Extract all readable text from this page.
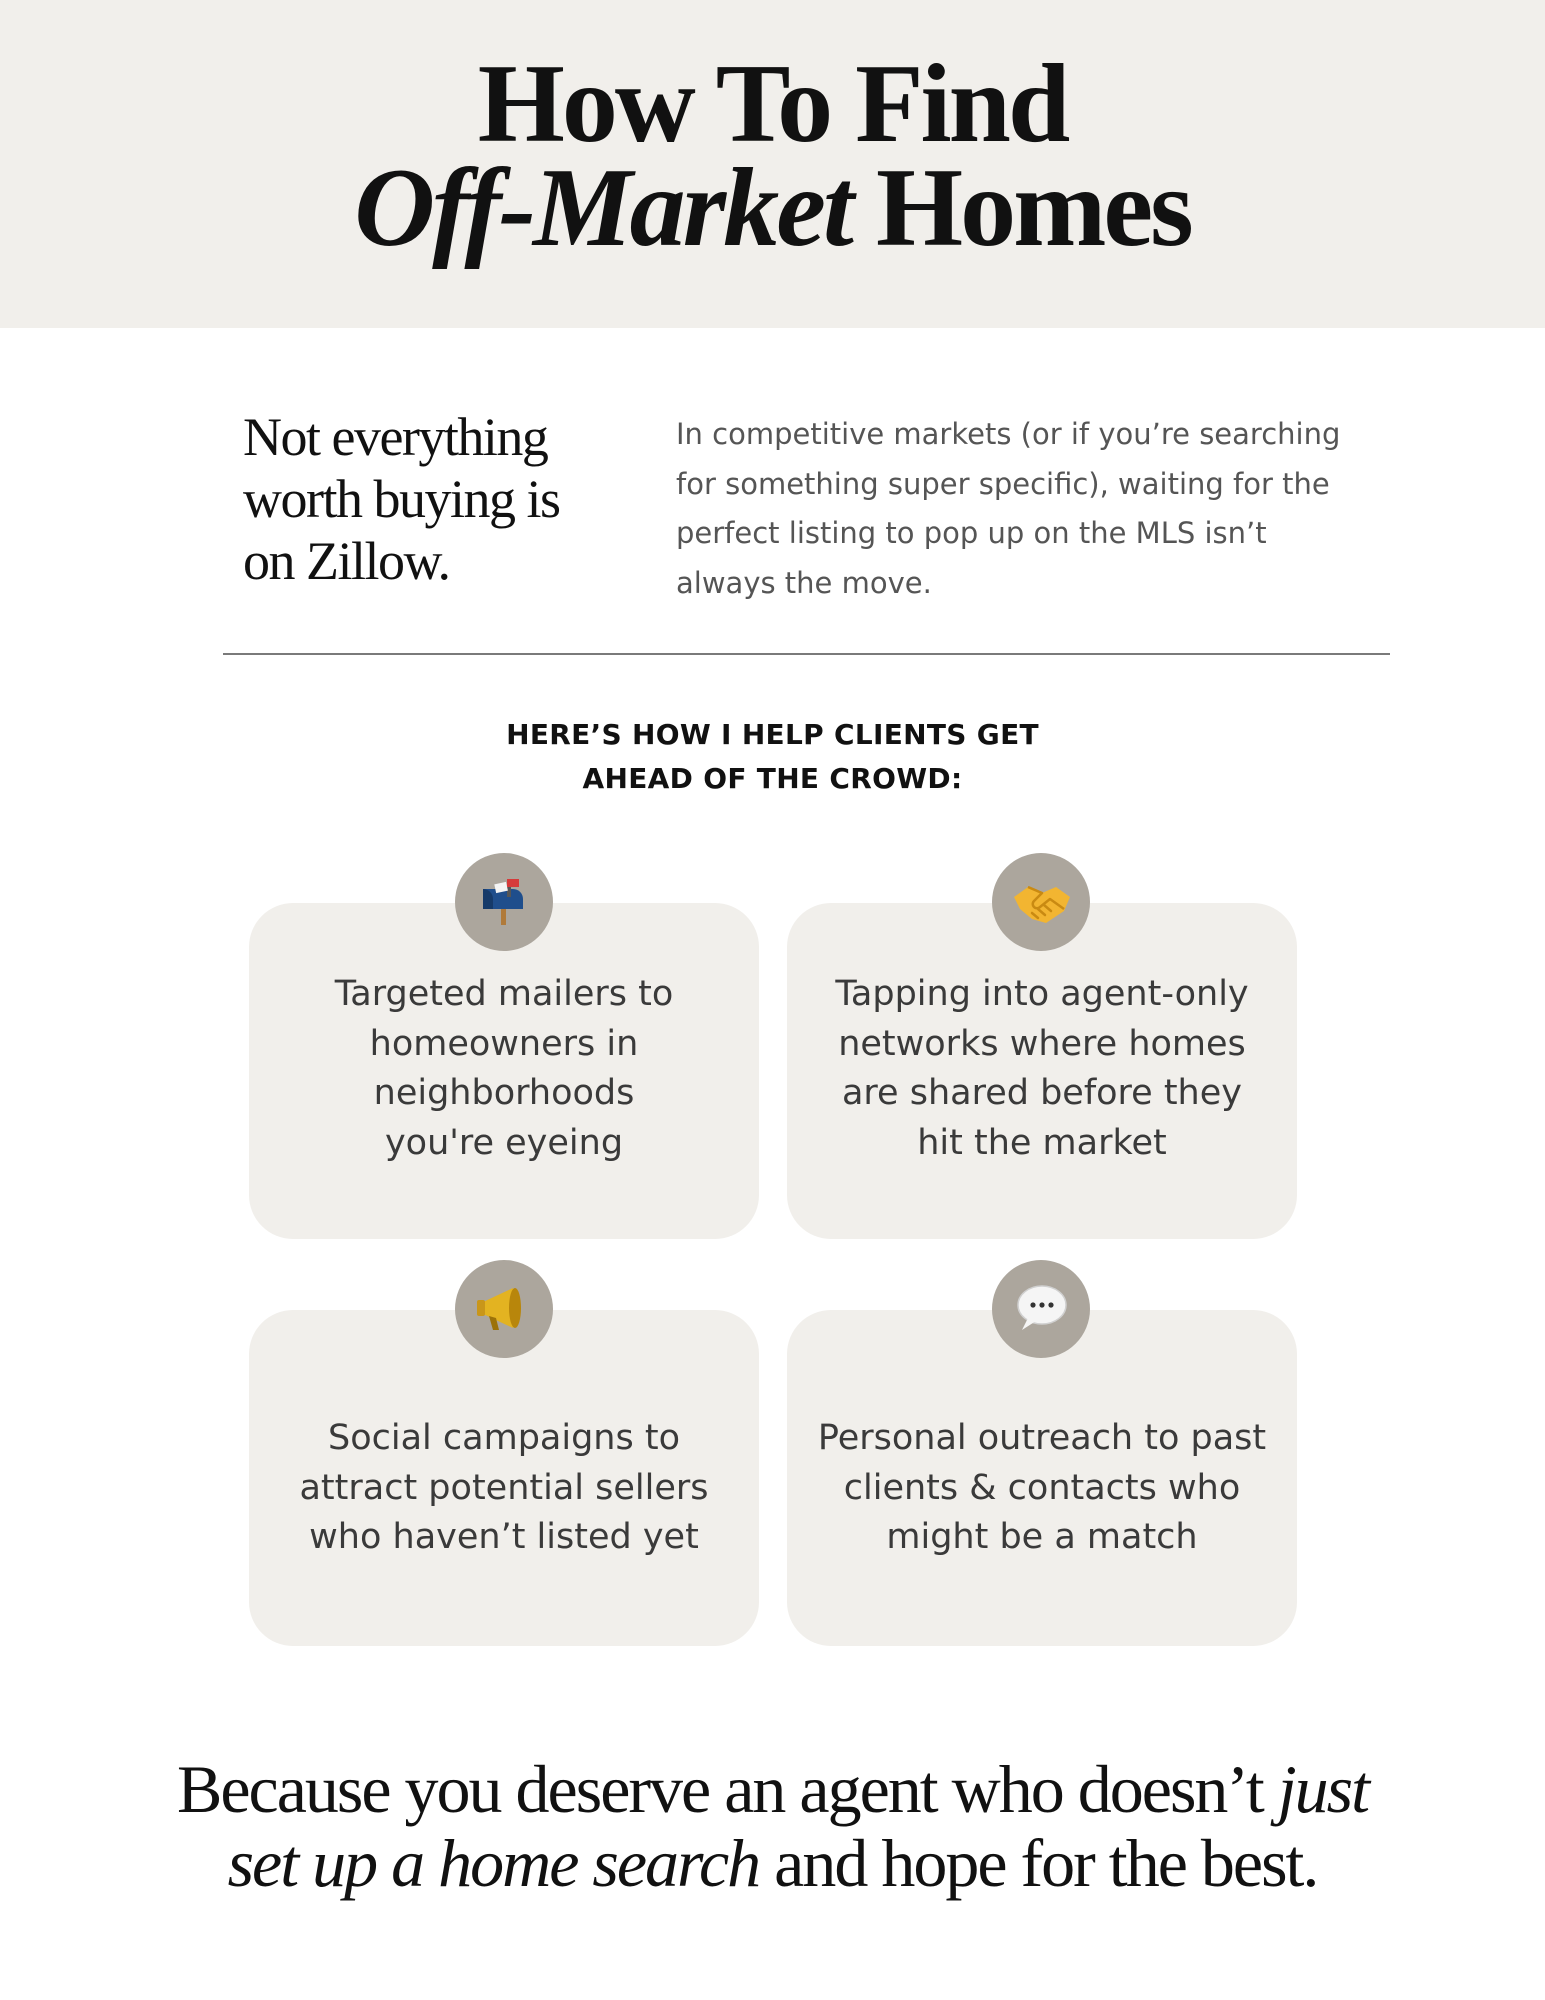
How To Find
Off-Market Homes
Not everything
worth buying is
on Zillow.
In competitive markets (or if you’re searching
for something super specific), waiting for the
perfect listing to pop up on the MLS isn’t
always the move.
HERE’S HOW I HELP CLIENTS GET
AHEAD OF THE CROWD:
Targeted mailers to
homeowners in
neighborhoods
you're eyeing
Tapping into agent-only
networks where homes
are shared before they
hit the market
Social campaigns to
attract potential sellers
who haven’t listed yet
Personal outreach to past
clients & contacts who
might be a match
Because you deserve an agent who doesn’t just
set up a home search and hope for the best.
